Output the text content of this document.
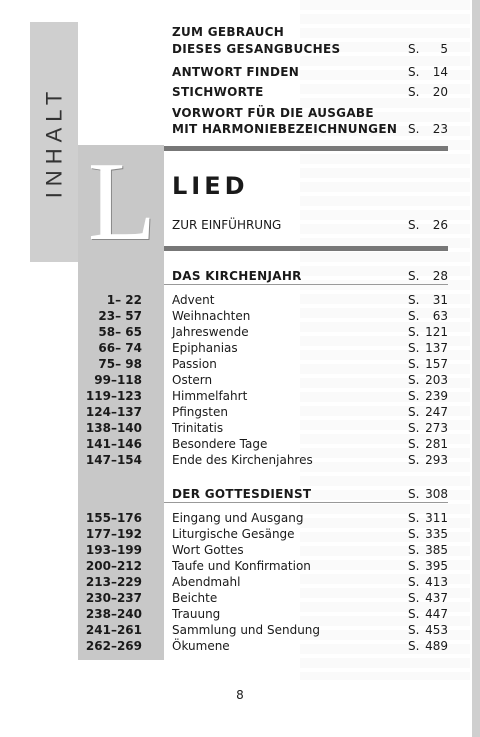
INHALT L
ZUM GEBRAUCH
DIESES GESANGBUCHES	S. 5
ANTWORT FINDEN	S. 14
STICHWORTE	S. 20
VORWORT FÜR DIE AUSGABE
MIT HARMONIEBEZEICHNUNGEN S. 23
LIED
ZUR EINFÜHRUNG	S. 26
DAS KIRCHENJAHR	S. 28
1– 22	Advent	S. 31
23– 57	Weihnachten	S. 63
58– 65	Jahreswende	S. 121
66– 74	Epiphanias	S. 137
75– 98	Passion	S. 157
99–118	Ostern	S. 203
119–123	Himmelfahrt	S. 239
124–137	Pfingsten	S. 247
138–140	Trinitatis	S. 273
141–146	Besondere Tage	S. 281
147–154	Ende des Kirchenjahres	S. 293
DER GOTTESDIENST	S. 308
155–176	Eingang und Ausgang	S. 311
177–192	Liturgische Gesänge	S. 335
193–199	Wort Gottes	S. 385
200–212	Taufe und Konfirmation	S. 395
213–229	Abendmahl	S. 413
230–237	Beichte	S. 437
238–240	Trauung	S. 447
241–261	Sammlung und Sendung	S. 453
262–269	Ökumene	S. 489
8
